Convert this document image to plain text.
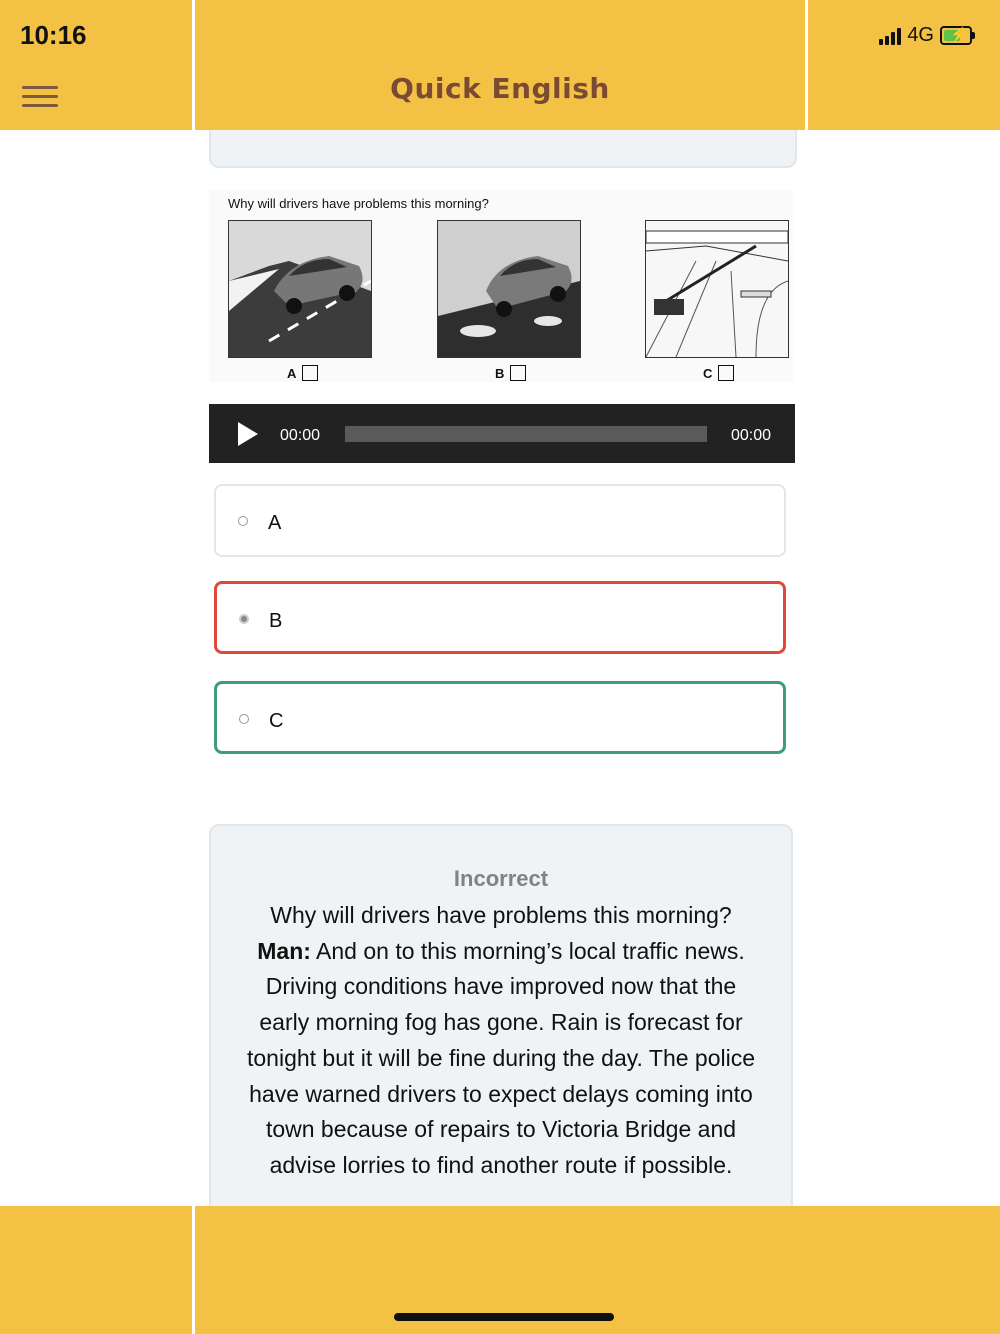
10:16	4G ⚡
Quick English
Why will drivers have problems this morning?
A	B	C
00:00	00:00
A
B
C
Incorrect
Why will drivers have problems this morning?
Man: And on to this morning’s local traffic news. Driving conditions have improved now that the early morning fog has gone. Rain is forecast for tonight but it will be fine during the day. The police have warned drivers to expect delays coming into town because of repairs to Victoria Bridge and advise lorries to find another route if possible.
